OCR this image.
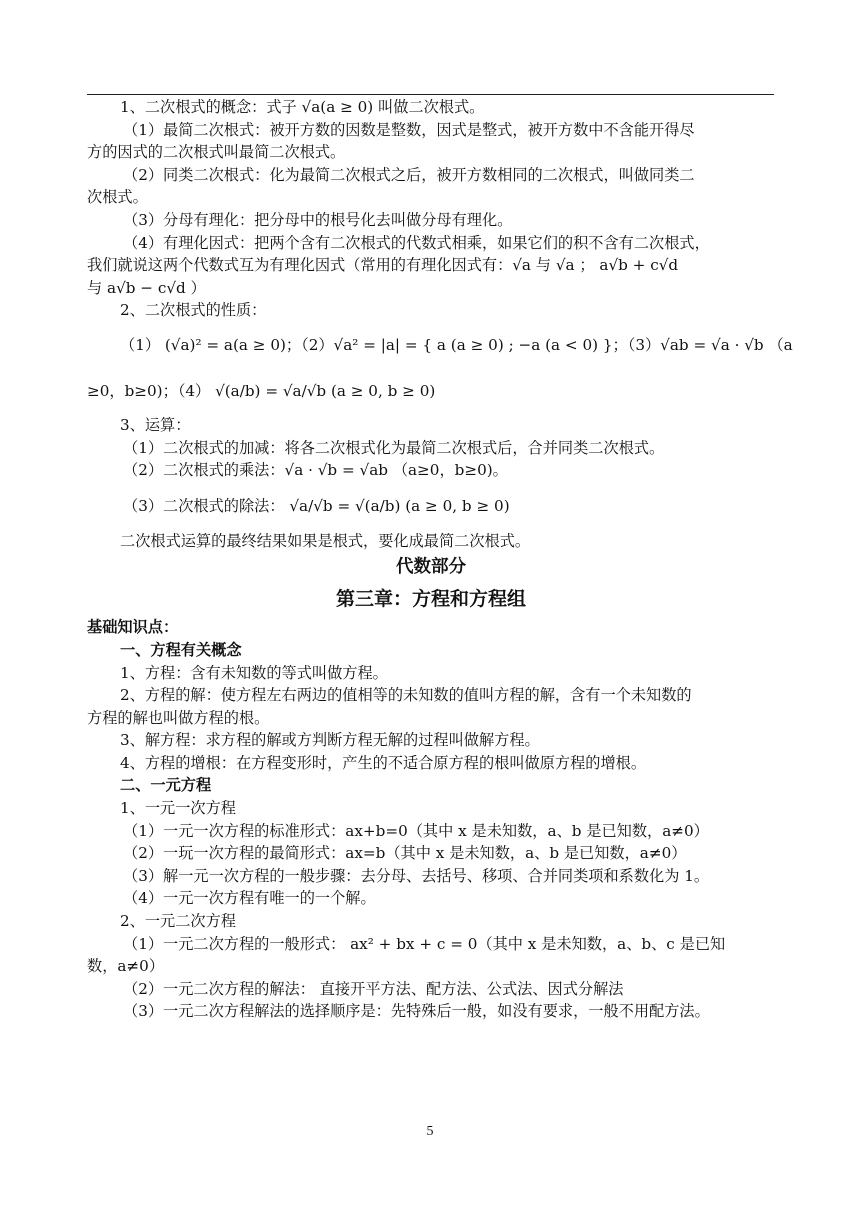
1、二次根式的概念：式子 √a(a ≥ 0) 叫做二次根式。
（1）最简二次根式：被开方数的因数是整数，因式是整式，被开方数中不含能开得尽
方的因式的二次根式叫最简二次根式。
（2）同类二次根式：化为最简二次根式之后，被开方数相同的二次根式，叫做同类二
次根式。
（3）分母有理化：把分母中的根号化去叫做分母有理化。
（4）有理化因式：把两个含有二次根式的代数式相乘，如果它们的积不含有二次根式，
我们就说这两个代数式互为有理化因式（常用的有理化因式有：√a 与 √a ； a√b + c√d
与 a√b − c√d ）
2、二次根式的性质：
（1） (√a)² = a(a ≥ 0)；（2）√a² = |a| = { a (a ≥ 0) ; −a (a < 0) }；（3）√ab = √a · √b （a
≥0，b≥0)；（4） √(a/b) = √a/√b (a ≥ 0, b ≥ 0)
3、运算：
（1）二次根式的加减：将各二次根式化为最简二次根式后，合并同类二次根式。
（2）二次根式的乘法：√a · √b = √ab （a≥0，b≥0)。
（3）二次根式的除法： √a/√b = √(a/b) (a ≥ 0, b ≥ 0)
二次根式运算的最终结果如果是根式，要化成最简二次根式。
代数部分
第三章：方程和方程组
基础知识点：
一、方程有关概念
1、方程：含有未知数的等式叫做方程。
2、方程的解：使方程左右两边的值相等的未知数的值叫方程的解，含有一个未知数的
方程的解也叫做方程的根。
3、解方程：求方程的解或方判断方程无解的过程叫做解方程。
4、方程的增根：在方程变形时，产生的不适合原方程的根叫做原方程的增根。
二、一元方程
1、一元一次方程
（1）一元一次方程的标准形式：ax+b=0（其中 x 是未知数，a、b 是已知数，a≠0）
（2）一玩一次方程的最简形式：ax=b（其中 x 是未知数，a、b 是已知数，a≠0）
（3）解一元一次方程的一般步骤：去分母、去括号、移项、合并同类项和系数化为 1。
（4）一元一次方程有唯一的一个解。
2、一元二次方程
（1）一元二次方程的一般形式： ax² + bx + c = 0（其中 x 是未知数，a、b、c 是已知
数，a≠0）
（2）一元二次方程的解法： 直接开平方法、配方法、公式法、因式分解法
（3）一元二次方程解法的选择顺序是：先特殊后一般，如没有要求，一般不用配方法。
5
